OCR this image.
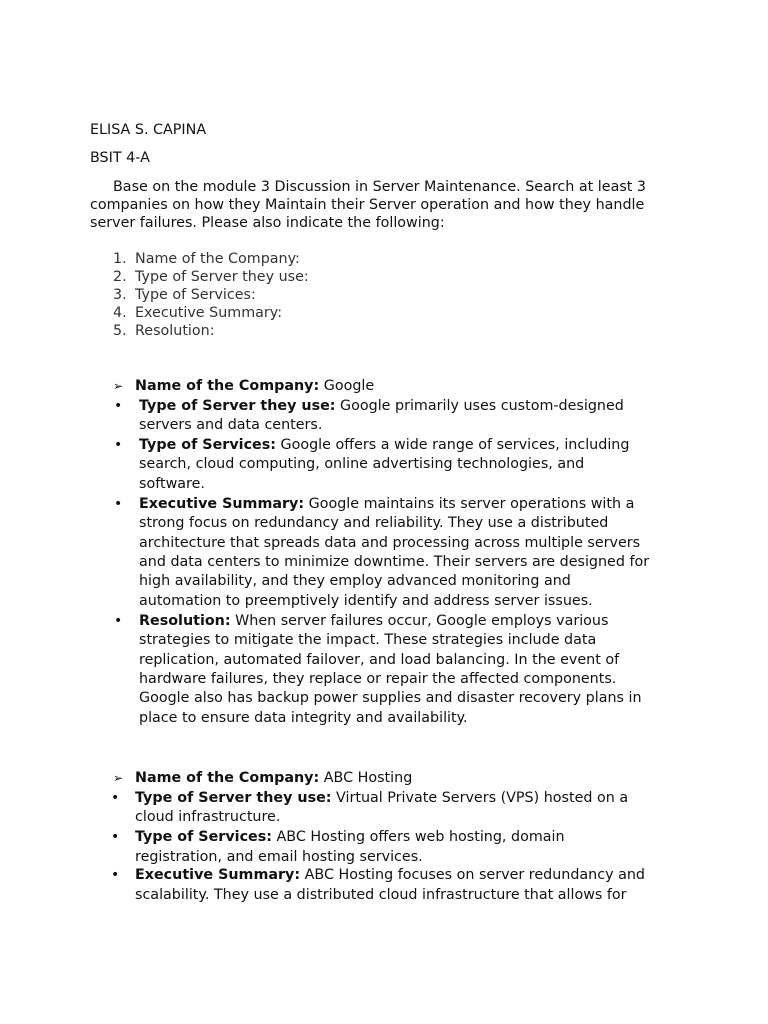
ELISA S. CAPINA
BSIT 4-A
Base on the module 3 Discussion in Server Maintenance. Search at least 3
companies on how they Maintain their Server operation and how they handle
server failures. Please also indicate the following:
1. Name of the Company:
2. Type of Server they use:
3. Type of Services:
4. Executive Summary:
5. Resolution:
➢ Name of the Company: Google
• Type of Server they use: Google primarily uses custom-designed
servers and data centers.
• Type of Services: Google offers a wide range of services, including
search, cloud computing, online advertising technologies, and
software.
• Executive Summary: Google maintains its server operations with a
strong focus on redundancy and reliability. They use a distributed
architecture that spreads data and processing across multiple servers
and data centers to minimize downtime. Their servers are designed for
high availability, and they employ advanced monitoring and
automation to preemptively identify and address server issues.
• Resolution: When server failures occur, Google employs various
strategies to mitigate the impact. These strategies include data
replication, automated failover, and load balancing. In the event of
hardware failures, they replace or repair the affected components.
Google also has backup power supplies and disaster recovery plans in
place to ensure data integrity and availability.
➢ Name of the Company: ABC Hosting
• Type of Server they use: Virtual Private Servers (VPS) hosted on a
cloud infrastructure.
• Type of Services: ABC Hosting offers web hosting, domain
registration, and email hosting services.
• Executive Summary: ABC Hosting focuses on server redundancy and
scalability. They use a distributed cloud infrastructure that allows for
